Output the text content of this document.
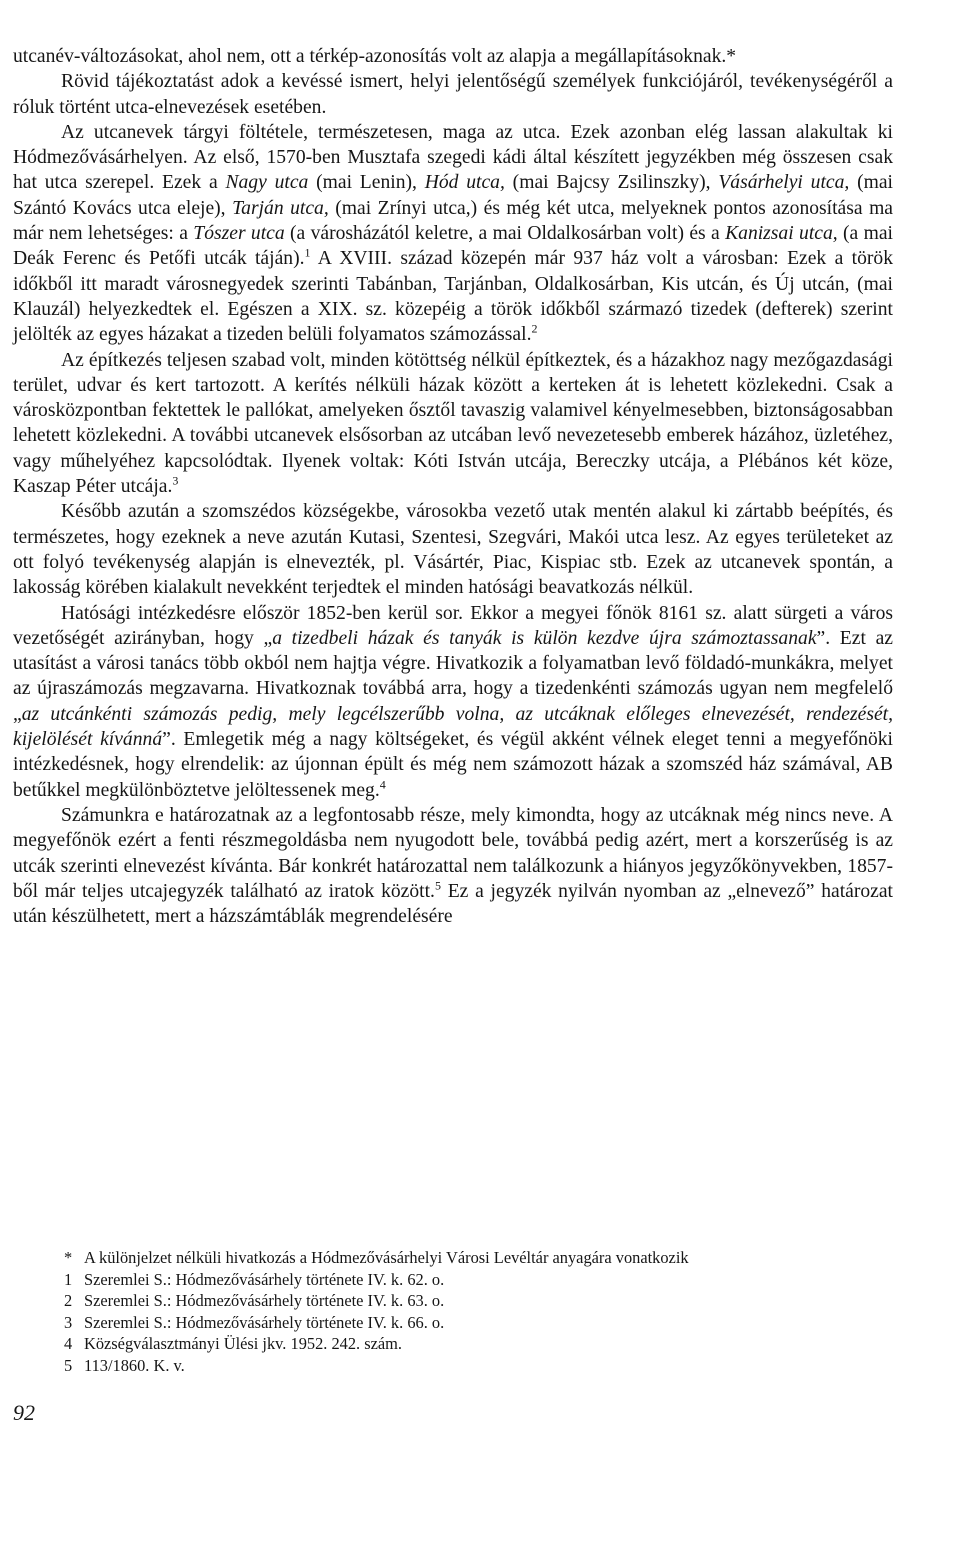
utcanév-változásokat, ahol nem, ott a térkép-azonosítás volt az alapja a megállapításoknak.*

Rövid tájékoztatást adok a kevéssé ismert, helyi jelentőségű személyek funkciójáról, tevékenységéről a róluk történt utca-elnevezések esetében.

Az utcanevek tárgyi föltétele, természetesen, maga az utca. Ezek azonban elég lassan alakultak ki Hódmezővásárhelyen. Az első, 1570-ben Musztafa szegedi kádi által készített jegyzékben még összesen csak hat utca szerepel. Ezek a Nagy utca (mai Lenin), Hód utca, (mai Bajcsy Zsilinszky), Vásárhelyi utca, (mai Szántó Kovács utca eleje), Tarján utca, (mai Zrínyi utca,) és még két utca, melyeknek pontos azonosítása ma már nem lehetséges: a Tószer utca (a városházától keletre, a mai Oldalkosárban volt) és a Kanizsai utca, (a mai Deák Ferenc és Petőfi utcák táján).$^1$ A XVIII. század közepén már 937 ház volt a városban: Ezek a török időkből itt maradt városnegyedek szerinti Tabánban, Tarjánban, Oldalkosárban, Kis utcán, és Új utcán, (mai Klauzál) helyezkedtek el. Egészen a XIX. sz. közepéig a török időkből származó tizedek (defterek) szerint jelölték az egyes házakat a tizeden belüli folyamatos számozással.$^2$

Az építkezés teljesen szabad volt, minden kötöttség nélkül építkeztek, és a házakhoz nagy mezőgazdasági terület, udvar és kert tartozott. A kerítés nélküli házak között a kerteken át is lehetett közlekedni. Csak a városközpontban fektettek le pallókat, amelyeken ősztől tavaszig valamivel kényelmesebben, biztonságosabban lehetett közlekedni. A további utcanevek elsősorban az utcában levő nevezetesebb emberek házához, üzletéhez, vagy műhelyéhez kapcsolódtak. Ilyenek voltak: Kóti István utcája, Bereczky utcája, a Plébános két köze, Kaszap Péter utcája.$^3$

Később azután a szomszédos községekbe, városokba vezető utak mentén alakul ki zártabb beépítés, és természetes, hogy ezeknek a neve azután Kutasi, Szentesi, Szegvári, Makói utca lesz. Az egyes területeket az ott folyó tevékenység alapján is elnevezték, pl. Vásártér, Piac, Kispiac stb. Ezek az utcanevek spontán, a lakosság körében kialakult nevekként terjedtek el minden hatósági beavatkozás nélkül.

Hatósági intézkedésre először 1852-ben kerül sor. Ekkor a megyei főnök 8161 sz. alatt sürgeti a város vezetőségét azirányban, hogy „a tizedbeli házak és tanyák is külön kezdve újra számoztassanak”. Ezt az utasítást a városi tanács több okból nem hajtja végre. Hivatkozik a folyamatban levő földadó-munkákra, melyet az újraszámozás megzavarna. Hivatkoznak továbbá arra, hogy a tizedenkénti számozás ugyan nem megfelelő „az utcánkénti számozás pedig, mely legcélszerűbb volna, az utcáknak előleges elnevezését, rendezését, kijelölését kívánná”. Emlegetik még a nagy költségeket, és végül akként vélnek eleget tenni a megyefőnöki intézkedésnek, hogy elrendelik: az újonnan épült és még nem számozott házak a szomszéd ház számával, AB betűkkel megkülönböztetve jelöltessenek meg.$^4$

Számunkra e határozatnak az a legfontosabb része, mely kimondta, hogy az utcáknak még nincs neve. A megyefőnök ezért a fenti részmegoldásba nem nyugodott bele, továbbá pedig azért, mert a korszerűség is az utcák szerinti elnevezést kívánta. Bár konkrét határozattal nem találkozunk a hiányos jegyzőkönyvekben, 1857-ből már teljes utcajegyzék található az iratok között.$^5$ Ez a jegyzék nyilván nyomban az „elnevező” határozat után készülhetett, mert a házszámtáblák megrendelésére

* A különjelzet nélküli hivatkozás a Hódmezővásárhelyi Városi Levéltár anyagára vonatkozik

1 Szeremlei S.: Hódmezővásárhely története IV. k. 62. o.

2 Szeremlei S.: Hódmezővásárhely története IV. k. 63. o.

3 Szeremlei S.: Hódmezővásárhely története IV. k. 66. o.

4 Községválasztmányi Ülési jkv. 1952. 242. szám.

5 113/1860. K. v.

92
